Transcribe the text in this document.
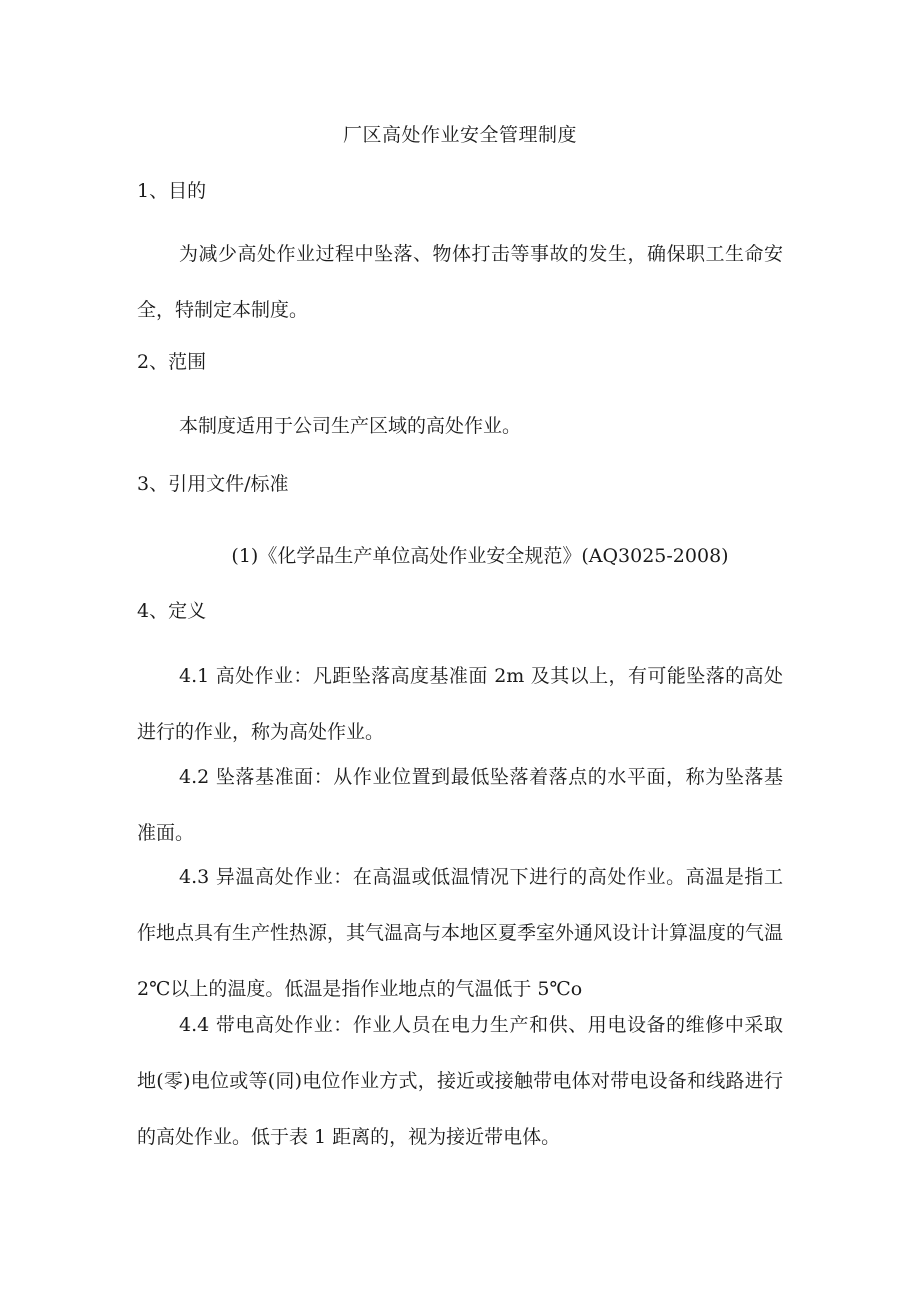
厂区高处作业安全管理制度
1、目的
为减少高处作业过程中坠落、物体打击等事故的发生，确保职工生命安全，特制定本制度。
2、范围
本制度适用于公司生产区域的高处作业。
3、引用文件/标准
(1)《化学品生产单位高处作业安全规范》(AQ3025-2008)
4、定义
4.1 高处作业：凡距坠落高度基准面 2m 及其以上，有可能坠落的高处进行的作业，称为高处作业。
4.2 坠落基准面：从作业位置到最低坠落着落点的水平面，称为坠落基准面。
4.3 异温高处作业：在高温或低温情况下进行的高处作业。高温是指工作地点具有生产性热源，其气温高与本地区夏季室外通风设计计算温度的气温 2℃以上的温度。低温是指作业地点的气温低于 5℃o
4.4 带电高处作业：作业人员在电力生产和供、用电设备的维修中采取地(零)电位或等(同)电位作业方式，接近或接触带电体对带电设备和线路进行的高处作业。低于表 1 距离的，视为接近带电体。
